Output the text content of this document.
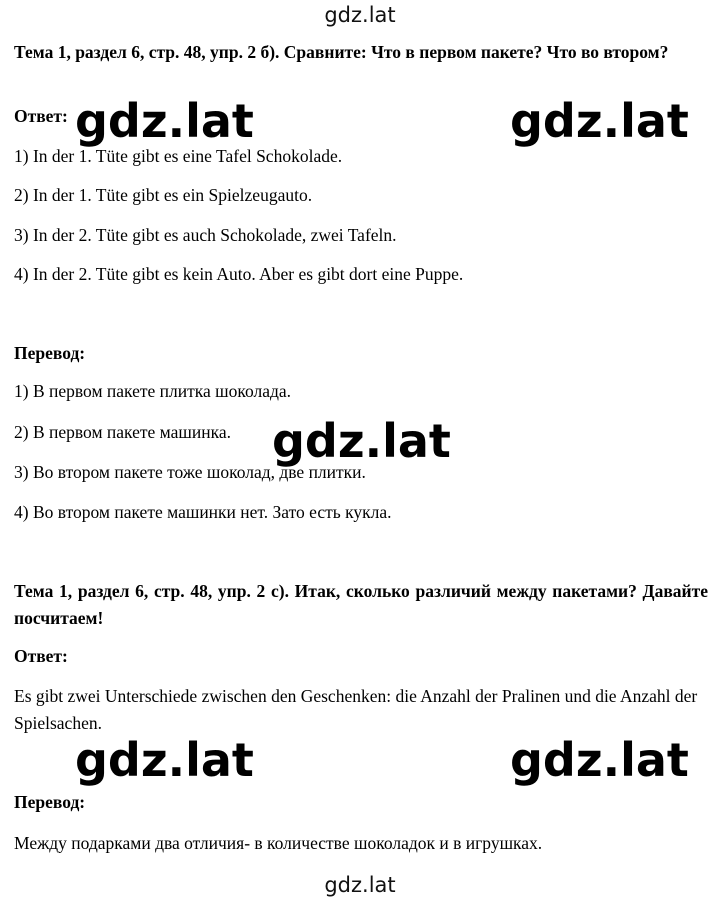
gdz.lat
Тема 1, раздел 6, стр. 48, упр. 2 б). Сравните: Что в первом пакете? Что во втором?
Ответ:
1) In der 1. Tüte gibt es eine Tafel Schokolade.
2) In der 1. Tüte gibt es ein Spielzeugauto.
3) In der 2. Tüte gibt es auch Schokolade, zwei Tafeln.
4) In der 2. Tüte gibt es kein Auto. Aber es gibt dort eine Puppe.
Перевод:
1) В первом пакете плитка шоколада.
2) В первом пакете машинка.
3) Во втором пакете тоже шоколад, две плитки.
4) Во втором пакете машинки нет. Зато есть кукла.
Тема 1, раздел 6, стр. 48, упр. 2 с). Итак, сколько различий между пакетами? Давайте посчитаем!
Ответ:
Es gibt zwei Unterschiede zwischen den Geschenken: die Anzahl der Pralinen und die Anzahl der Spielsachen.
Перевод:
Между подарками два отличия- в количестве шоколадок и в игрушках.
gdz.lat
gdz.lat	gdz.lat
gdz.lat
gdz.lat	gdz.lat
